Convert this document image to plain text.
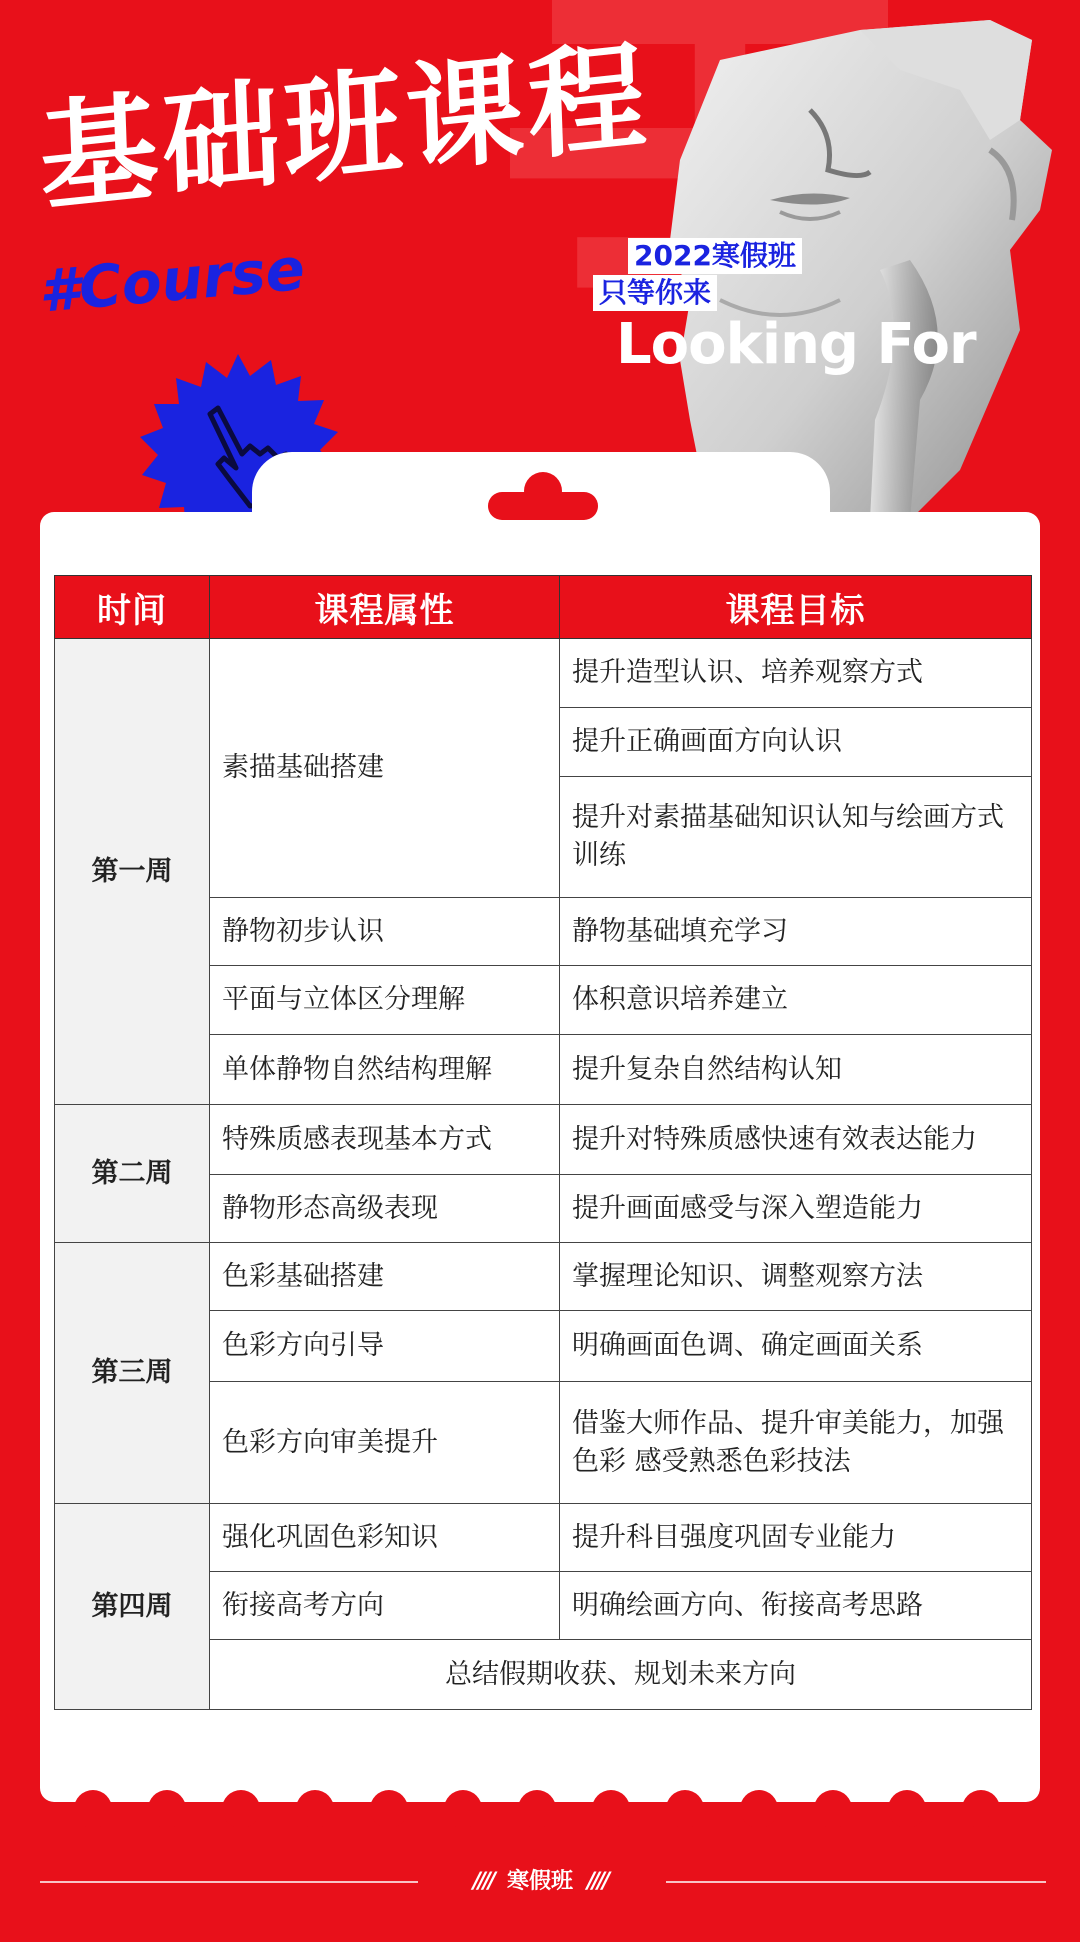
基础班课程
#Course	2022寒假班
只等你来
Looking For
时间	课程属性	课程目标
第一周	素描基础搭建	提升造型认识、培养观察方式
		提升正确画面方向认识
		提升对素描基础知识认知与绘画方式训练
	静物初步认识	静物基础填充学习
	平面与立体区分理解	体积意识培养建立
	单体静物自然结构理解	提升复杂自然结构认知
第二周	特殊质感表现基本方式	提升对特殊质感快速有效表达能力
	静物形态高级表现	提升画面感受与深入塑造能力
第三周	色彩基础搭建	掌握理论知识、调整观察方法
	色彩方向引导	明确画面色调、确定画面关系
	色彩方向审美提升	借鉴大师作品、提升审美能力，加强色彩 感受熟悉色彩技法
第四周	强化巩固色彩知识	提升科目强度巩固专业能力
	衔接高考方向	明确绘画方向、衔接高考思路
	总结假期收获、规划未来方向	
//// 寒假班 ////
